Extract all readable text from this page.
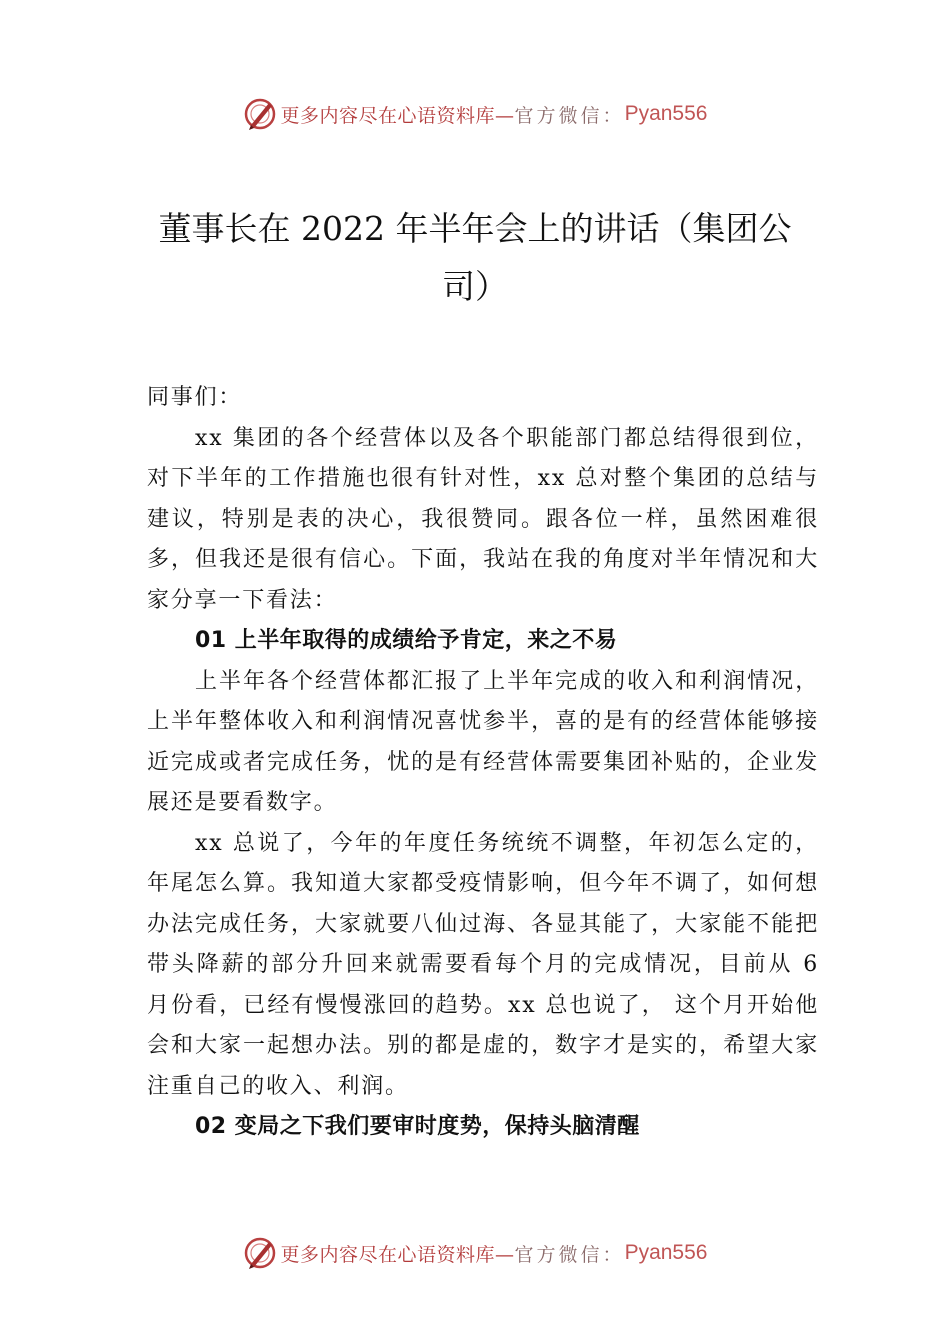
更多内容尽在心语资料库— 官方微信： Pyan556
董事长在 2022 年半年会上的讲话（集团公
司）

同事们：

xx 集团的各个经营体以及各个职能部门都总结得很到位，对下半年的工作措施也很有针对性，xx 总对整个集团的总结与建议，特别是表的决心，我很赞同。跟各位一样，虽然困难很多，但我还是很有信心。下面，我站在我的角度对半年情况和大家分享一下看法：

01 上半年取得的成绩给予肯定，来之不易

上半年各个经营体都汇报了上半年完成的收入和利润情况，上半年整体收入和利润情况喜忧参半，喜的是有的经营体能够接近完成或者完成任务，忧的是有经营体需要集团补贴的，企业发展还是要看数字。

xx 总说了，今年的年度任务统统不调整，年初怎么定的，年尾怎么算。我知道大家都受疫情影响，但今年不调了，如何想办法完成任务，大家就要八仙过海、各显其能了，大家能不能把带头降薪的部分升回来就需要看每个月的完成情况，目前从 6 月份看，已经有慢慢涨回的趋势。xx 总也说了， 这个月开始他会和大家一起想办法。别的都是虚的，数字才是实的，希望大家注重自己的收入、利润。

02 变局之下我们要审时度势，保持头脑清醒

更多内容尽在心语资料库— 官方微信： Pyan556
